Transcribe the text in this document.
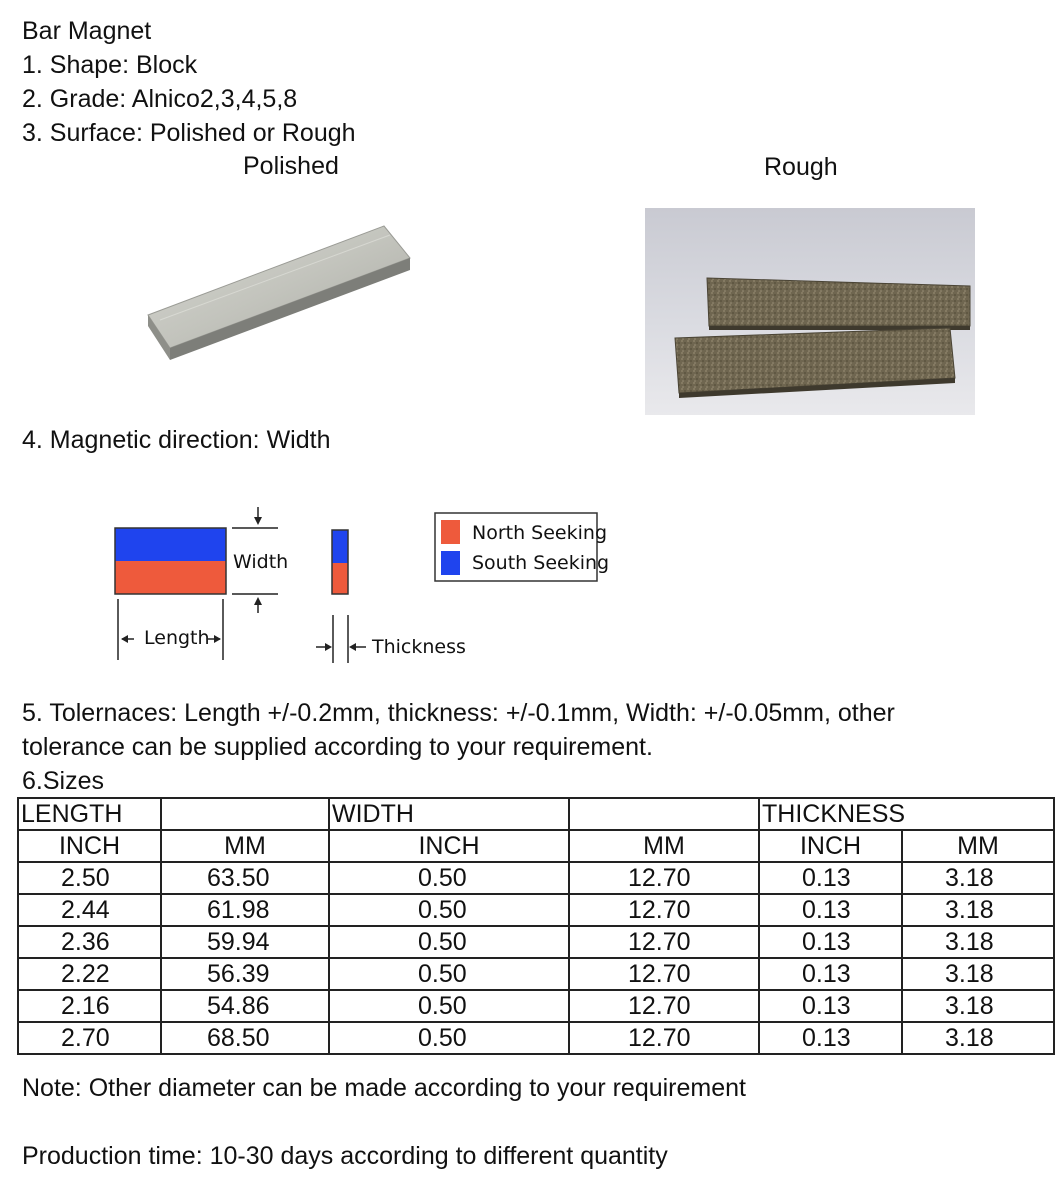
Bar Magnet
1. Shape: Block
2. Grade: Alnico2,3,4,5,8
3. Surface: Polished or Rough
Polished	Rough
4. Magnetic direction: Width
Width
Length	Thickness
North Seeking
South Seeking
5. Tolernaces: Length +/-0.2mm, thickness: +/-0.1mm, Width: +/-0.05mm, other
tolerance can be supplied according to your requirement.
6.Sizes
LENGTH		WIDTH		THICKNESS	
INCH	MM	INCH	MM	INCH	MM
2.50	63.50	0.50	12.70	0.13	3.18
2.44	61.98	0.50	12.70	0.13	3.18
2.36	59.94	0.50	12.70	0.13	3.18
2.22	56.39	0.50	12.70	0.13	3.18
2.16	54.86	0.50	12.70	0.13	3.18
2.70	68.50	0.50	12.70	0.13	3.18
Note: Other diameter can be made according to your requirement
Production time: 10-30 days according to different quantity
